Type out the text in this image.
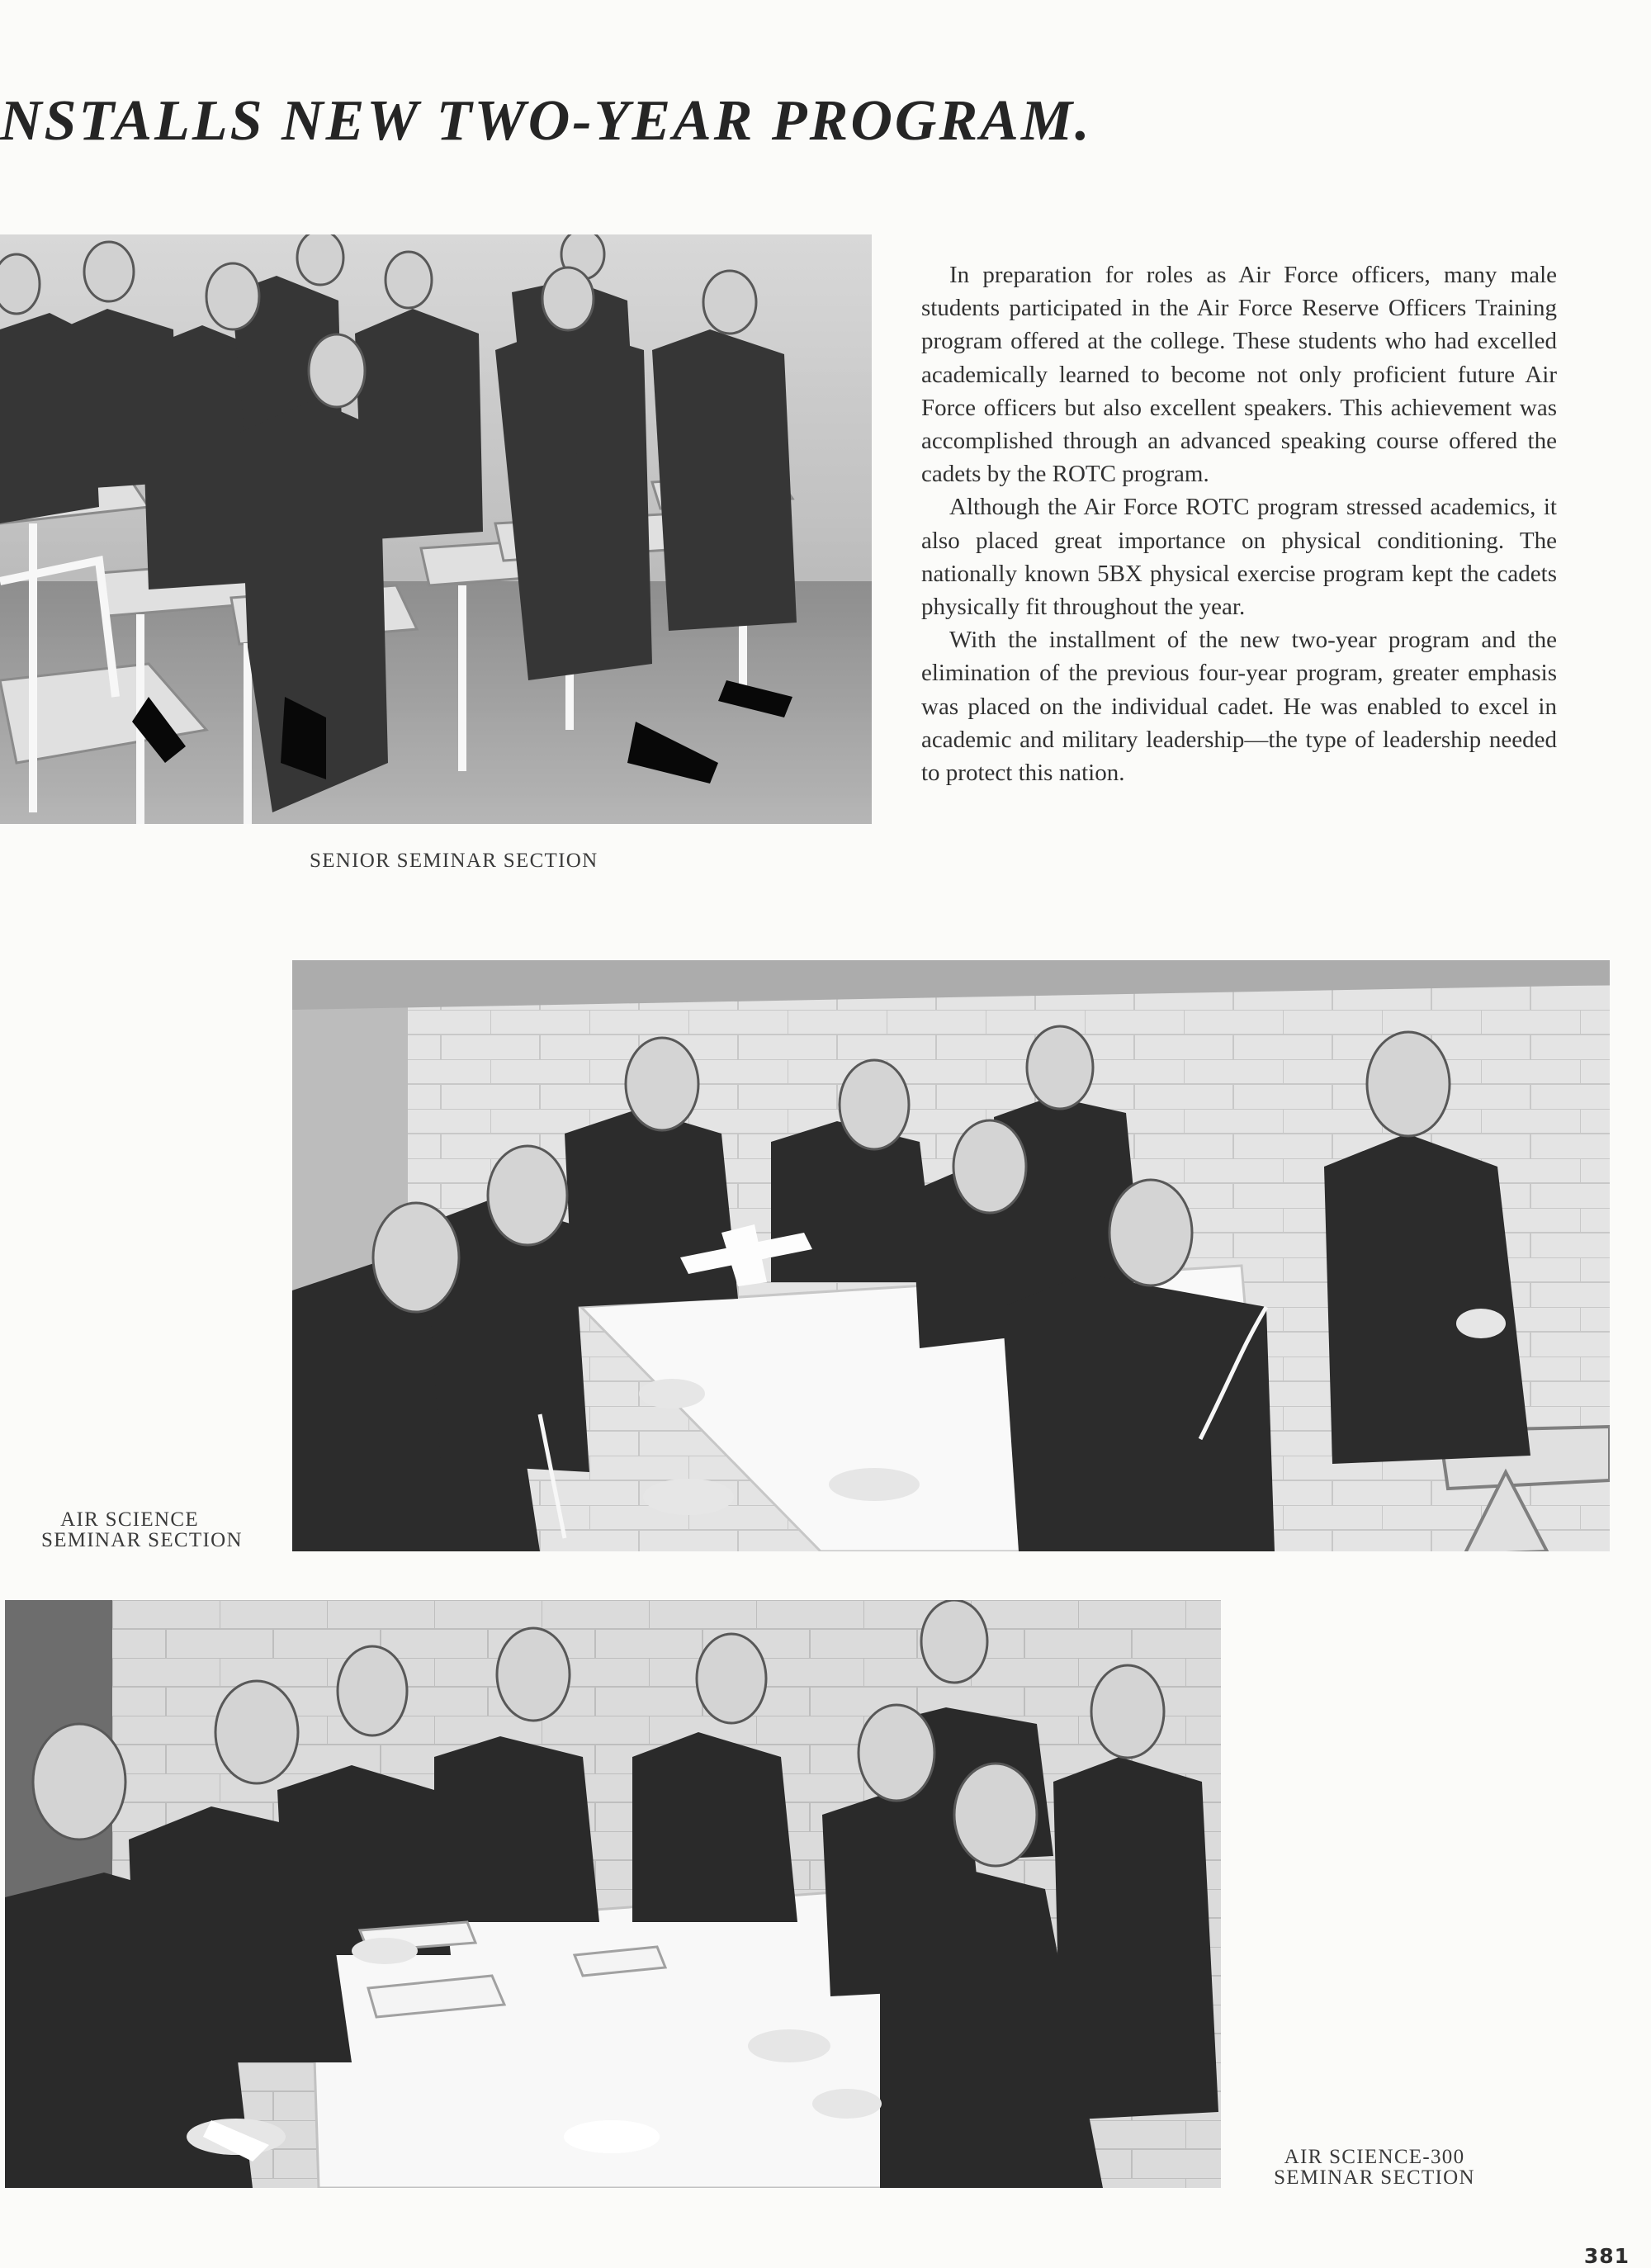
NSTALLS NEW TWO-YEAR PROGRAM.

In preparation for roles as Air Force officers, many male students participated in the Air Force Reserve Officers Training program offered at the college. These students who had excelled academically learned to become not only proficient future Air Force officers but also excellent speakers. This achievement was accomplished through an advanced speaking course offered the cadets by the ROTC program.

Although the Air Force ROTC program stressed academics, it also placed great importance on physical conditioning. The nationally known 5BX physical exercise program kept the cadets physically fit throughout the year.

With the installment of the new two-year program and the elimination of the previous four-year program, greater emphasis was placed on the individual cadet. He was enabled to excel in academic and military leadership—the type of leadership needed to protect this nation.

SENIOR SEMINAR SECTION
AIR SCIENCE
SEMINAR SECTION
AIR SCIENCE-300
SEMINAR SECTION
381
